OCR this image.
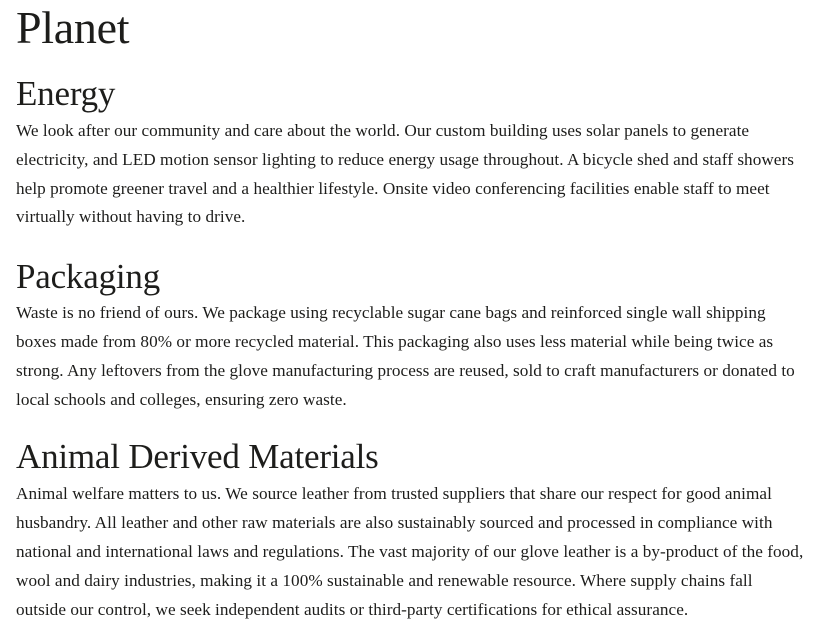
Planet
Energy

We look after our community and care about the world. Our custom building uses solar panels to generate electricity, and LED motion sensor lighting to reduce energy usage throughout. A bicycle shed and staff showers help promote greener travel and a healthier lifestyle. Onsite video conferencing facilities enable staff to meet virtually without having to drive.

Packaging

Waste is no friend of ours. We package using recyclable sugar cane bags and reinforced single wall shipping boxes made from 80% or more recycled material. This packaging also uses less material while being twice as strong. Any leftovers from the glove manufacturing process are reused, sold to craft manufacturers or donated to local schools and colleges, ensuring zero waste.

Animal Derived Materials

Animal welfare matters to us. We source leather from trusted suppliers that share our respect for good animal husbandry. All leather and other raw materials are also sustainably sourced and processed in compliance with national and international laws and regulations. The vast majority of our glove leather is a by-product of the food, wool and dairy industries, making it a 100% sustainable and renewable resource. Where supply chains fall outside our control, we seek independent audits or third-party certifications for ethical assurance.
